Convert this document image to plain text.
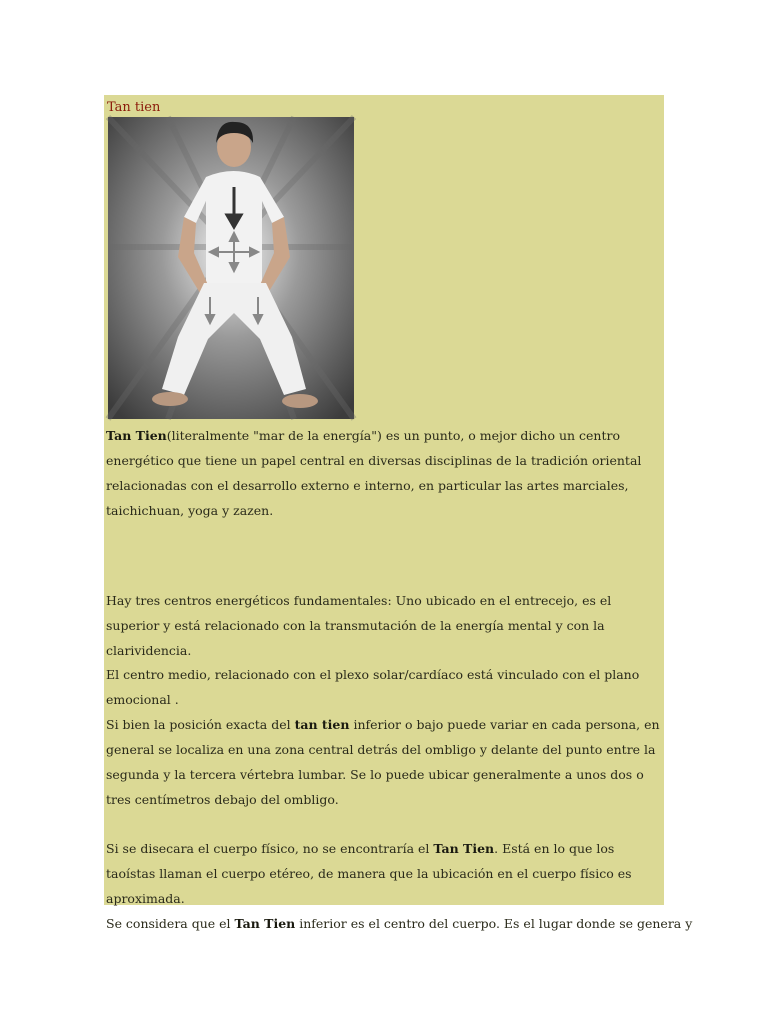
Tan tien

Tan Tien(literalmente "mar de la energía") es un punto, o mejor dicho un centro energético que tiene un papel central en diversas disciplinas de la tradición oriental relacionadas con el desarrollo externo e interno, en particular las artes marciales, taichichuan, yoga y zazen.

Hay tres centros energéticos fundamentales: Uno ubicado en el entrecejo, es el superior y está relacionado con la transmutación de la energía mental y con la clarividencia.

El centro medio, relacionado con el plexo solar/cardíaco está vinculado con el plano emocional .

Si bien la posición exacta del tan tien inferior o bajo puede variar en cada persona, en general se localiza en una zona central detrás del ombligo y delante del punto entre la segunda y la tercera vértebra lumbar. Se lo puede ubicar generalmente a unos dos o tres centímetros debajo del ombligo.

Si se disecara el cuerpo físico, no se encontraría el Tan Tien. Está en lo que los taoístas llaman el cuerpo etéreo, de manera que la ubicación en el cuerpo físico es aproximada.

Se considera que el Tan Tien inferior es el centro del cuerpo. Es el lugar donde se genera y
